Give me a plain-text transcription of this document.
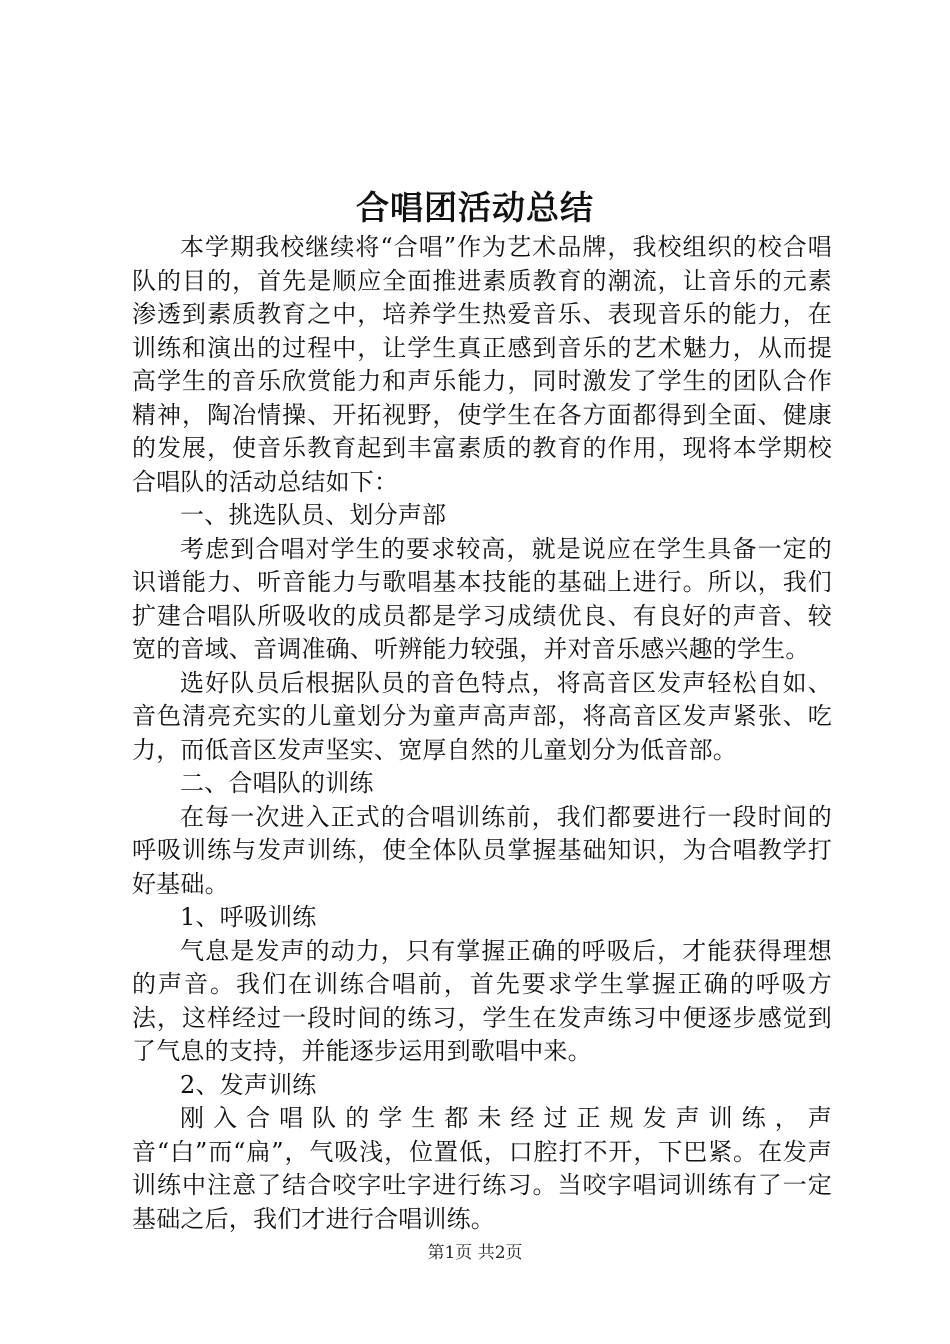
合唱团活动总结

本学期我校继续将“合唱”作为艺术品牌，我校组织的校合唱队的目的，首先是顺应全面推进素质教育的潮流，让音乐的元素渗透到素质教育之中，培养学生热爱音乐、表现音乐的能力，在训练和演出的过程中，让学生真正感到音乐的艺术魅力，从而提高学生的音乐欣赏能力和声乐能力，同时激发了学生的团队合作精神，陶冶情操、开拓视野，使学生在各方面都得到全面、健康的发展，使音乐教育起到丰富素质的教育的作用，现将本学期校合唱队的活动总结如下：

一、挑选队员、划分声部

考虑到合唱对学生的要求较高，就是说应在学生具备一定的识谱能力、听音能力与歌唱基本技能的基础上进行。所以，我们扩建合唱队所吸收的成员都是学习成绩优良、有良好的声音、较宽的音域、音调准确、听辨能力较强，并对音乐感兴趣的学生。

选好队员后根据队员的音色特点，将高音区发声轻松自如、音色清亮充实的儿童划分为童声高声部，将高音区发声紧张、吃力，而低音区发声坚实、宽厚自然的儿童划分为低音部。

二、合唱队的训练

在每一次进入正式的合唱训练前，我们都要进行一段时间的呼吸训练与发声训练，使全体队员掌握基础知识，为合唱教学打好基础。

1、呼吸训练

气息是发声的动力，只有掌握正确的呼吸后，才能获得理想的声音。我们在训练合唱前，首先要求学生掌握正确的呼吸方法，这样经过一段时间的练习，学生在发声练习中便逐步感觉到了气息的支持，并能逐步运用到歌唱中来。

2、发声训练

刚入合唱队的学生都未经过正规发声训练，声音“白”而“扁”，气吸浅，位置低，口腔打不开，下巴紧。在发声训练中注意了结合咬字吐字进行练习。当咬字唱词训练有了一定基础之后，我们才进行合唱训练。

第1页 共2页
